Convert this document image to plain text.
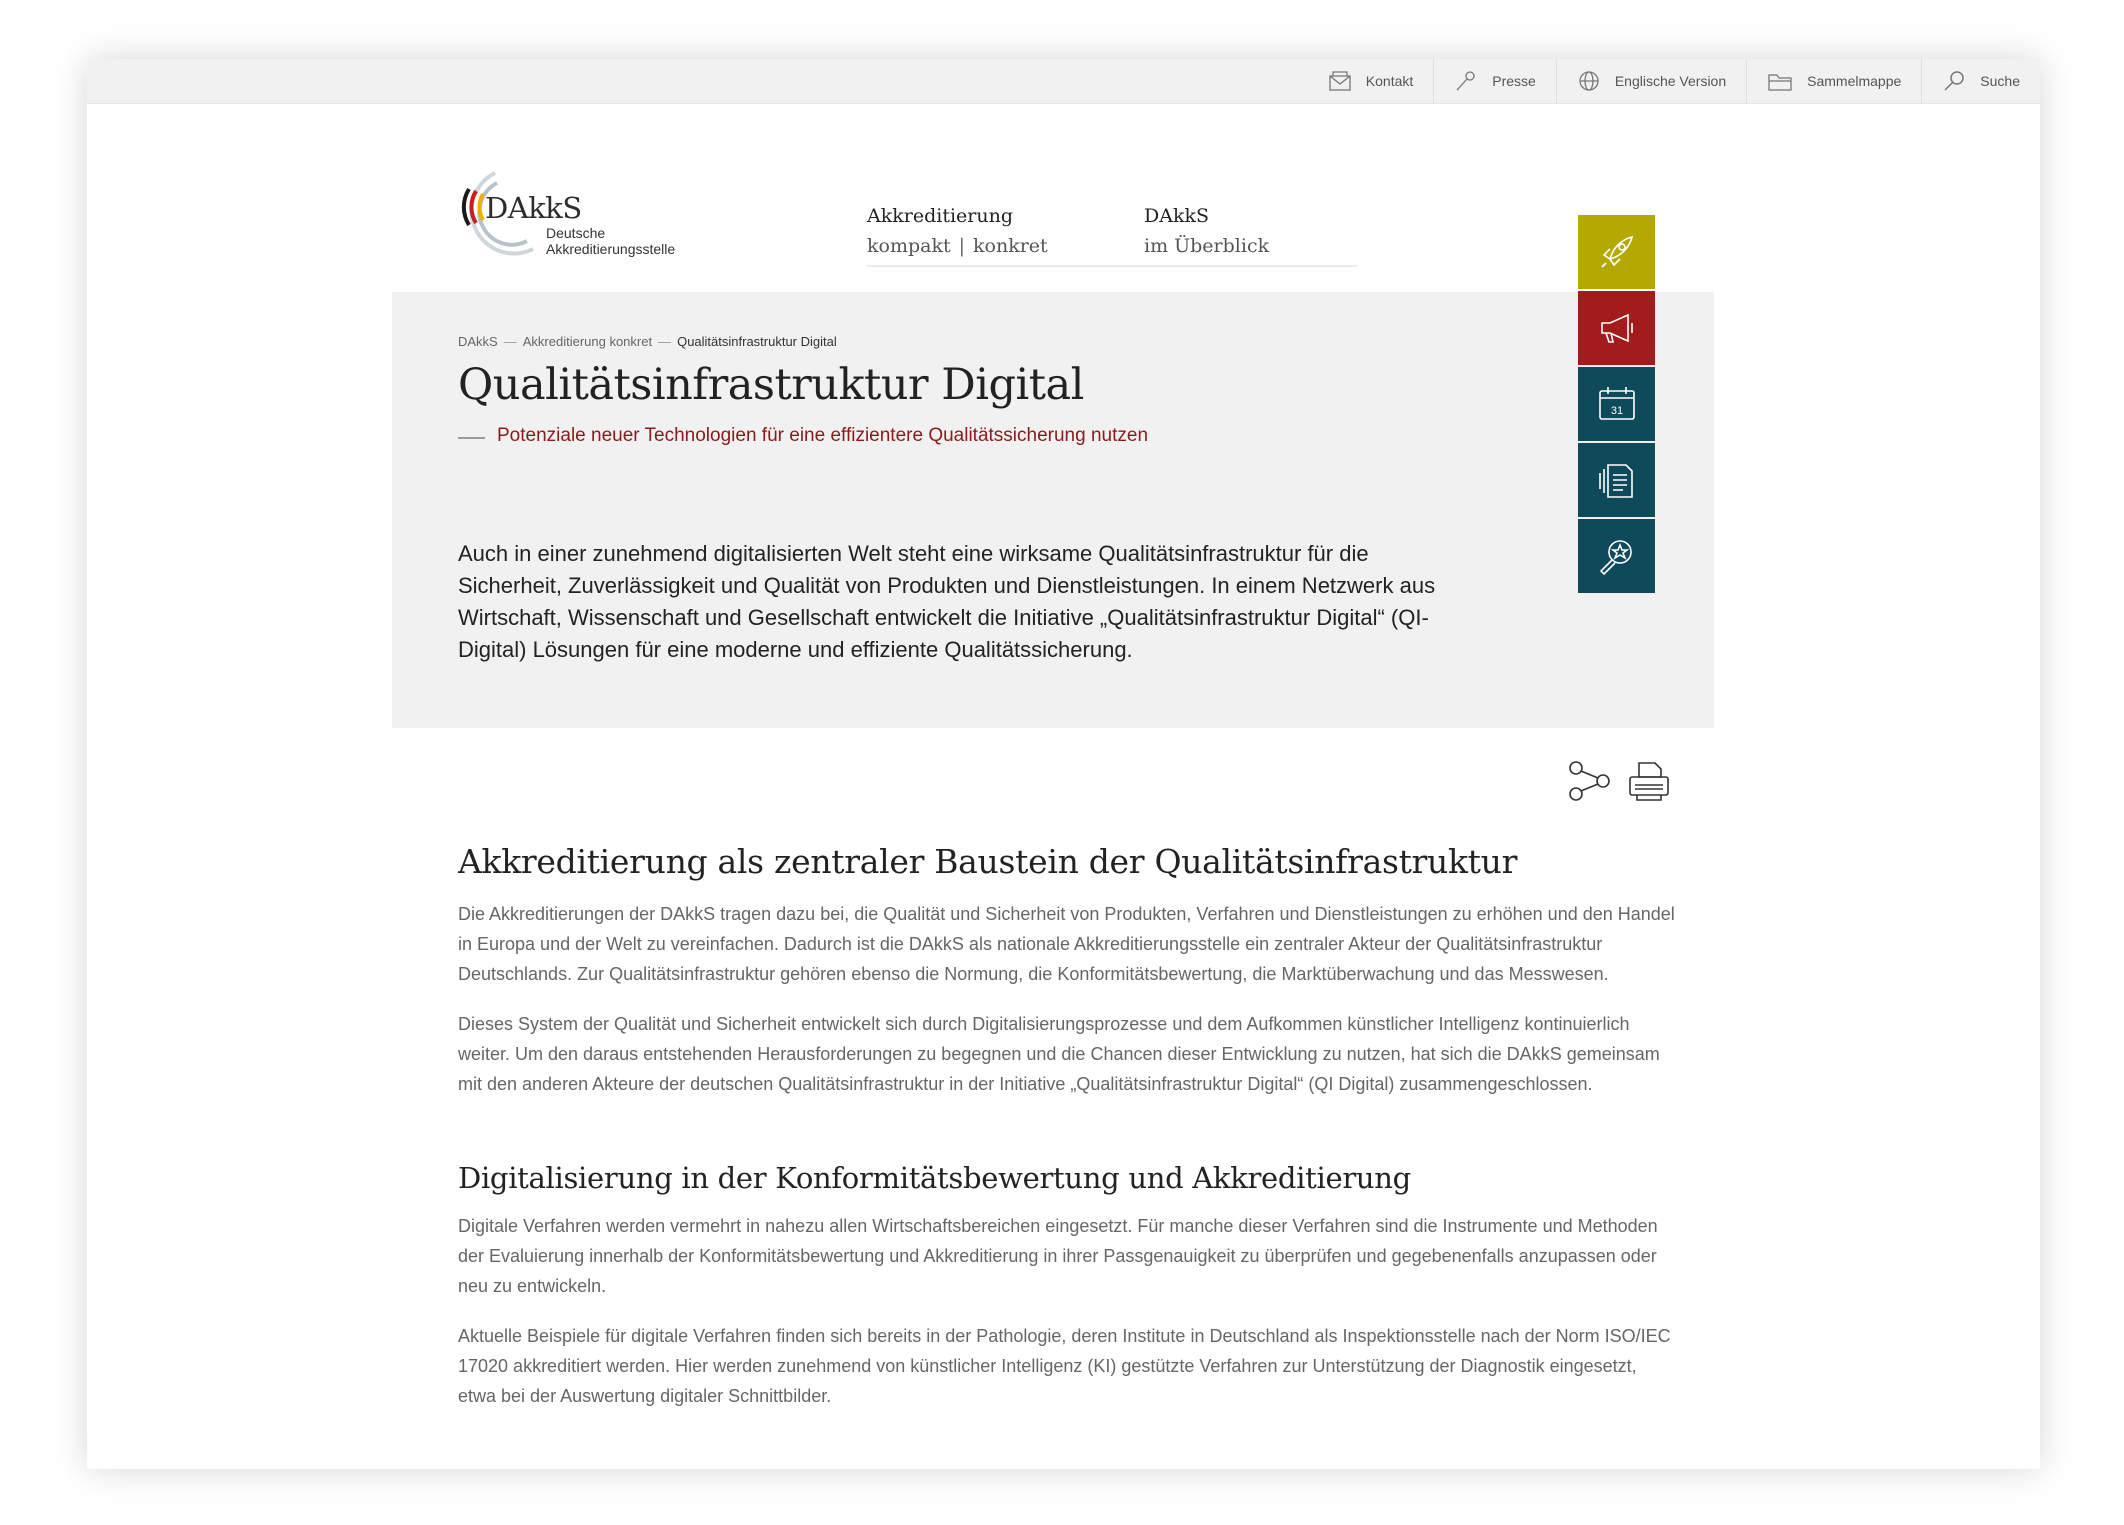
Kontakt	Presse	Englische Version	Sammelmappe	Suche
DAkkS
Deutsche
Akkreditierungsstelle
Akkreditierung
kompakt | konkret
DAkkS
im Überblick
DAkkS — Akkreditierung konkret — Qualitätsinfrastruktur Digital
Qualitätsinfrastruktur Digital
Potenziale neuer Technologien für eine effizientere Qualitätssicherung nutzen

Auch in einer zunehmend digitalisierten Welt steht eine wirksame Qualitätsinfrastruktur für die Sicherheit, Zuverlässigkeit und Qualität von Produkten und Dienstleistungen. In einem Netzwerk aus Wirtschaft, Wissenschaft und Gesellschaft entwickelt die Initiative „Qualitätsinfrastruktur Digital“ (QI-Digital) Lösungen für eine moderne und effiziente Qualitätssicherung.

31
Akkreditierung als zentraler Baustein der Qualitätsinfrastruktur

Die Akkreditierungen der DAkkS tragen dazu bei, die Qualität und Sicherheit von Produkten, Verfahren und Dienstleistungen zu erhöhen und den Handel in Europa und der Welt zu vereinfachen. Dadurch ist die DAkkS als nationale Akkreditierungsstelle ein zentraler Akteur der Qualitätsinfrastruktur Deutschlands. Zur Qualitätsinfrastruktur gehören ebenso die Normung, die Konformitätsbewertung, die Marktüberwachung und das Messwesen.

Dieses System der Qualität und Sicherheit entwickelt sich durch Digitalisierungsprozesse und dem Aufkommen künstlicher Intelligenz kontinuierlich weiter. Um den daraus entstehenden Herausforderungen zu begegnen und die Chancen dieser Entwicklung zu nutzen, hat sich die DAkkS gemeinsam mit den anderen Akteure der deutschen Qualitätsinfrastruktur in der Initiative „Qualitätsinfrastruktur Digital“ (QI Digital) zusammengeschlossen.

Digitalisierung in der Konformitätsbewertung und Akkreditierung

Digitale Verfahren werden vermehrt in nahezu allen Wirtschaftsbereichen eingesetzt. Für manche dieser Verfahren sind die Instrumente und Methoden der Evaluierung innerhalb der Konformitätsbewertung und Akkreditierung in ihrer Passgenauigkeit zu überprüfen und gegebenenfalls anzupassen oder neu zu entwickeln.

Aktuelle Beispiele für digitale Verfahren finden sich bereits in der Pathologie, deren Institute in Deutschland als Inspektionsstelle nach der Norm ISO/IEC 17020 akkreditiert werden. Hier werden zunehmend von künstlicher Intelligenz (KI) gestützte Verfahren zur Unterstützung der Diagnostik eingesetzt, etwa bei der Auswertung digitaler Schnittbilder.
